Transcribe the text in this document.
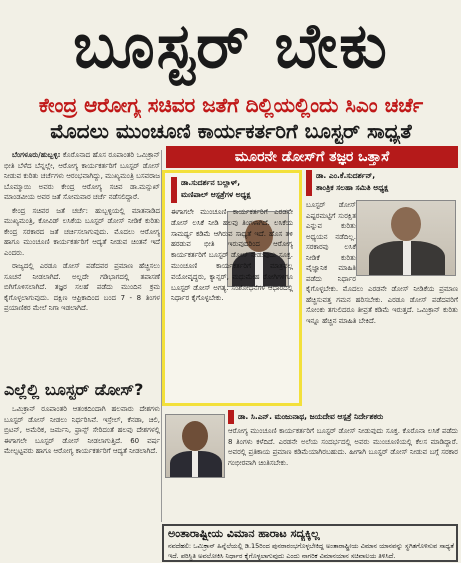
ಬೂಸ್ಟರ್ ಬೇಕು
ಕೇಂದ್ರ ಆರೋಗ್ಯ ಸಚಿವರ ಜತೆಗೆ ದಿಲ್ಲಿಯಲ್ಲಿಂದು ಸಿಎಂ ಚರ್ಚೆ
ಮೊದಲು ಮುಂಚೂಣಿ ಕಾರ್ಯಕರ್ತರಿಗೆ ಬೂಸ್ಟರ್ ಸಾಧ್ಯತೆ
ಮೂರನೇ ಡೋಸ್‌ಗೆ ತಜ್ಞರ ಒತ್ತಾಸೆ

ಬೆಂಗಳೂರು/ಹುಬ್ಬಳ್ಳಿ: ಕೊರೊನಾದ ಹೊಸ ರೂಪಾಂತರಿ ಒಮಿಕ್ರಾನ್ ಭೀತಿ ಬೆಳೆದ ಬೆನ್ನಲ್ಲೇ, ಆರೋಗ್ಯ ಕಾರ್ಯಕರ್ತರಿಗೆ ಬೂಸ್ಟರ್ ಡೋಸ್ ನೀಡುವ ಕುರಿತು ಚರ್ಚೆಗಳು ಆರಂಭವಾಗಿದ್ದು, ಮುಖ್ಯಮಂತ್ರಿ ಬಸವರಾಜ ಬೊಮ್ಮಾಯಿ ಅವರು ಕೇಂದ್ರ ಆರೋಗ್ಯ ಸಚಿವ ಡಾ.ಮನ್ಸುಖ್ ಮಾಂಡವೀಯ ಅವರ ಜತೆ ಸೋಮವಾರ ಚರ್ಚೆ ನಡೆಸಲಿದ್ದಾರೆ.

ಕೇಂದ್ರ ಸಚಿವರ ಜತೆ ಚರ್ಚೆ: ಹುಬ್ಬಳ್ಳಿಯಲ್ಲಿ ಮಾತನಾಡಿದ ಮುಖ್ಯಮಂತ್ರಿ, ಕೋವಿಡ್ ಲಸಿಕೆಯ ಬೂಸ್ಟರ್ ಡೋಸ್ ನೀಡಿಕೆ ಕುರಿತು ಕೇಂದ್ರ ಸರಕಾರದ ಜತೆ ಚರ್ಚಿಸಲಾಗುವುದು. ಮೊದಲು ಆರೋಗ್ಯ ಹಾಗೂ ಮುಂಚೂಣಿ ಕಾರ್ಯಕರ್ತರಿಗೆ ಆದ್ಯತೆ ನೀಡುವ ಚಿಂತನೆ ಇದೆ ಎಂದರು.

ರಾಜ್ಯದಲ್ಲಿ ಎರಡೂ ಡೋಸ್ ಪಡೆದವರ ಪ್ರಮಾಣ ಹೆಚ್ಚಿಸಲು ಸೂಚನೆ ನೀಡಲಾಗಿದೆ. ಅಲ್ಲದೇ ಗಡಿಭಾಗದಲ್ಲಿ ತಪಾಸಣೆ ಬಿಗಿಗೊಳಿಸಲಾಗಿದೆ. ತಜ್ಞರ ಸಲಹೆ ಪಡೆದು ಮುಂದಿನ ಕ್ರಮ ಕೈಗೊಳ್ಳಲಾಗುವುದು. ದಕ್ಷಿಣ ಆಫ್ರಿಕಾದಿಂದ ಬಂದ 7 - 8 ತಿಂಗಳ ಪ್ರಯಾಣಿಕರ ಮೇಲೆ ನಿಗಾ ಇಡಲಾಗಿದೆ.

ಡಾ.ಸುದರ್ಶನ ಬಲ್ಲಾಳ್,
ಮಣಿಪಾಲ್ ಆಸ್ಪತ್ರೆಗಳ ಅಧ್ಯಕ್ಷ
ಈಗಾಗಲೇ ಮುಂಚೂಣಿ ಕಾರ್ಯಕರ್ತರಿಗೆ ಎರಡನೇ ಡೋಸ್ ಲಸಿಕೆ ನೀಡಿ ಹಲವು ತಿಂಗಳಾಗಿದೆ. ಲಸಿಕೆಯ ಸಾಮರ್ಥ್ಯ ಕಡಿಮೆ ಆಗಿರುವ ಸಾಧ್ಯತೆ ಇದೆ. ಹೊಸ ತಳಿ ಹರಡುವ ಭೀತಿ ಇರುವುದರಿಂದ ಆರೋಗ್ಯ ಕಾರ್ಯಕರ್ತರಿಗೆ ಬೂಸ್ಟರ್ ಡೋಸ್ ನೀಡುವುದು ಸೂಕ್ತ. ಮುಂಚೂಣಿ ಕಾರ್ಯಕರ್ತರಿಗೆ ಮಾತ್ರವಲ್ಲ ವಯೋವೃದ್ಧರು, ಕ್ಯಾನ್ಸರ್, ಮಧುಮೇಹ ರೋಗಿಗಳಿಗೂ ಬೂಸ್ಟರ್ ಡೋಸ್ ಅಗತ್ಯ. ಸಂಶೋಧನೆಗಳ ಆಧಾರದಲ್ಲಿ ನಿರ್ಧಾರ ಕೈಗೊಳ್ಳಬೇಕು.
ಡಾ. ಎಂ.ಕೆ.ಸುದರ್ಶನ್,
ತಾಂತ್ರಿಕ ಸಲಹಾ ಸಮಿತಿ ಅಧ್ಯಕ್ಷ
ಬೂಸ್ಟರ್ ಡೋಸ್ ಎಷ್ಟರಮಟ್ಟಿಗೆ ಸುರಕ್ಷಿತ ಎನ್ನುವ ಕುರಿತು ಅಧ್ಯಯನ ನಡೆದಿಲ್ಲ. ಸರಕಾರವು ಲಸಿಕೆ ನೀಡಿಕೆ ಕುರಿತು ವೈಜ್ಞಾನಿಕ ಮಾಹಿತಿ ಪಡೆದು ನಿರ್ಧಾರ ಕೈಗೊಳ್ಳಬೇಕು. ಮೊದಲು ಎರಡನೇ ಡೋಸ್ ನೀಡಿಕೆಯ ಪ್ರಮಾಣ ಹೆಚ್ಚಿಸುವತ್ತ ಗಮನ ಹರಿಸಬೇಕು. ಎರಡೂ ಡೋಸ್ ಪಡೆದವರಿಗೆ ಸೋಂಕು ತಗುಲಿದರೂ ತೀವ್ರತೆ ಕಡಿಮೆ ಇರುತ್ತದೆ. ಒಮಿಕ್ರಾನ್ ಕುರಿತು ಇನ್ನೂ ಹೆಚ್ಚಿನ ಮಾಹಿತಿ ಬೇಕಿದೆ.
ಎಲ್ಲೆಲ್ಲಿ ಬೂಸ್ಟರ್ ಡೋಸ್?

ಒಮಿಕ್ರಾನ್ ರೂಪಾಂತರಿ ಆತಂಕದಿಂದಾಗಿ ಹಲವಾರು ದೇಶಗಳು ಬೂಸ್ಟರ್ ಡೋಸ್ ನೀಡಲು ನಿರ್ಧರಿಸಿವೆ. ಇಸ್ರೇಲ್, ಕೆನಡಾ, ಚಿಲಿ, ಬ್ರಿಟನ್, ಅಮೆರಿಕ, ಜರ್ಮನಿ, ಫ್ರಾನ್ಸ್ ಸೇರಿದಂತೆ ಹಲವು ದೇಶಗಳಲ್ಲಿ ಈಗಾಗಲೇ ಬೂಸ್ಟರ್ ಡೋಸ್ ನೀಡಲಾಗುತ್ತಿದೆ. 60 ವರ್ಷ ಮೇಲ್ಪಟ್ಟವರು ಹಾಗೂ ಆರೋಗ್ಯ ಕಾರ್ಯಕರ್ತರಿಗೆ ಆದ್ಯತೆ ನೀಡಲಾಗಿದೆ.

ಡಾ. ಸಿ.ಎನ್. ಮಂಜುನಾಥ, ಜಯದೇವ ಆಸ್ಪತ್ರೆ ನಿರ್ದೇಶಕರು
ಆರೋಗ್ಯ ಮುಂಚೂಣಿ ಕಾರ್ಯಕರ್ತರಿಗೆ ಬೂಸ್ಟರ್ ಡೋಸ್ ನೀಡುವುದು ಸೂಕ್ತ. ಕೊರೊನಾ ಲಸಿಕೆ ಪಡೆದು 8 ತಿಂಗಳು ಕಳೆದಿದೆ. ಎರಡನೇ ಅಲೆಯ ಸಂದರ್ಭದಲ್ಲಿ ಅವರು ಮುಂಚೂಣಿಯಲ್ಲಿ ಕೆಲಸ ಮಾಡಿದ್ದಾರೆ. ಅವರಲ್ಲಿ ಪ್ರತಿಕಾಯ ಪ್ರಮಾಣ ಕಡಿಮೆಯಾಗಿರಬಹುದು. ಹೀಗಾಗಿ ಬೂಸ್ಟರ್ ಡೋಸ್ ನೀಡುವ ಬಗ್ಗೆ ಸರಕಾರ ಗಂಭೀರವಾಗಿ ಚಿಂತಿಸಬೇಕು.
ಅಂತಾರಾಷ್ಟ್ರೀಯ ವಿಮಾನ ಹಾರಾಟ ಸದ್ಯಕ್ಕಿಲ್ಲ
ನವದೆಹಲಿ: ಒಮಿಕ್ರಾನ್ ಹಿನ್ನೆಲೆಯಲ್ಲಿ ಡಿ.15ರಿಂದ ಪುನರಾರಂಭಗೊಳ್ಳಬೇಕಿದ್ದ ಅಂತಾರಾಷ್ಟ್ರೀಯ ವಿಮಾನ ಯಾನವನ್ನು ಸ್ಥಗಿತಗೊಳಿಸುವ ಸಾಧ್ಯತೆ ಇದೆ. ಪರಿಸ್ಥಿತಿ ಅವಲೋಕಿಸಿ ನಿರ್ಧಾರ ಕೈಗೊಳ್ಳಲಾಗುವುದು ಎಂದು ನಾಗರಿಕ ವಿಮಾನಯಾನ ಸಚಿವಾಲಯ ತಿಳಿಸಿದೆ.
